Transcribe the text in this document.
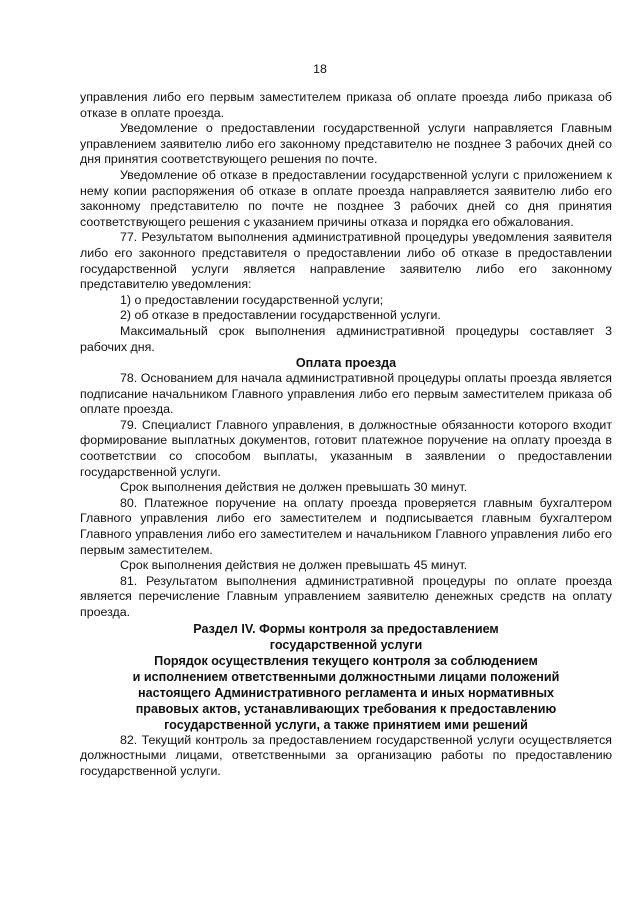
18

управления либо его первым заместителем приказа об оплате проезда либо приказа об отказе в оплате проезда.

Уведомление о предоставлении государственной услуги направляется Главным управлением заявителю либо его законному представителю не позднее 3 рабочих дней со дня принятия соответствующего решения по почте.

Уведомление об отказе в предоставлении государственной услуги с приложением к нему копии распоряжения об отказе в оплате проезда направляется заявителю либо его законному представителю по почте не позднее 3 рабочих дней со дня принятия соответствующего решения с указанием причины отказа и порядка его обжалования.

77. Результатом выполнения административной процедуры уведомления заявителя либо его законного представителя о предоставлении либо об отказе в предоставлении государственной услуги является направление заявителю либо его законному представителю уведомления:

1) о предоставлении государственной услуги;

2) об отказе в предоставлении государственной услуги.

Максимальный срок выполнения административной процедуры составляет 3 рабочих дня.

Оплата проезда

78. Основанием для начала административной процедуры оплаты проезда является подписание начальником Главного управления либо его первым заместителем приказа об оплате проезда.

79. Специалист Главного управления, в должностные обязанности которого входит формирование выплатных документов, готовит платежное поручение на оплату проезда в соответствии со способом выплаты, указанным в заявлении о предоставлении государственной услуги.

Срок выполнения действия не должен превышать 30 минут.

80. Платежное поручение на оплату проезда проверяется главным бухгалтером Главного управления либо его заместителем и подписывается главным бухгалтером Главного управления либо его заместителем и начальником Главного управления либо его первым заместителем.

Срок выполнения действия не должен превышать 45 минут.

81. Результатом выполнения административной процедуры по оплате проезда является перечисление Главным управлением заявителю денежных средств на оплату проезда.

Раздел IV. Формы контроля за предоставлением
государственной услуги
Порядок осуществления текущего контроля за соблюдением
и исполнением ответственными должностными лицами положений
настоящего Административного регламента и иных нормативных
правовых актов, устанавливающих требования к предоставлению
государственной услуги, а также принятием ими решений

82. Текущий контроль за предоставлением государственной услуги осуществляется должностными лицами, ответственными за организацию работы по предоставлению государственной услуги.
